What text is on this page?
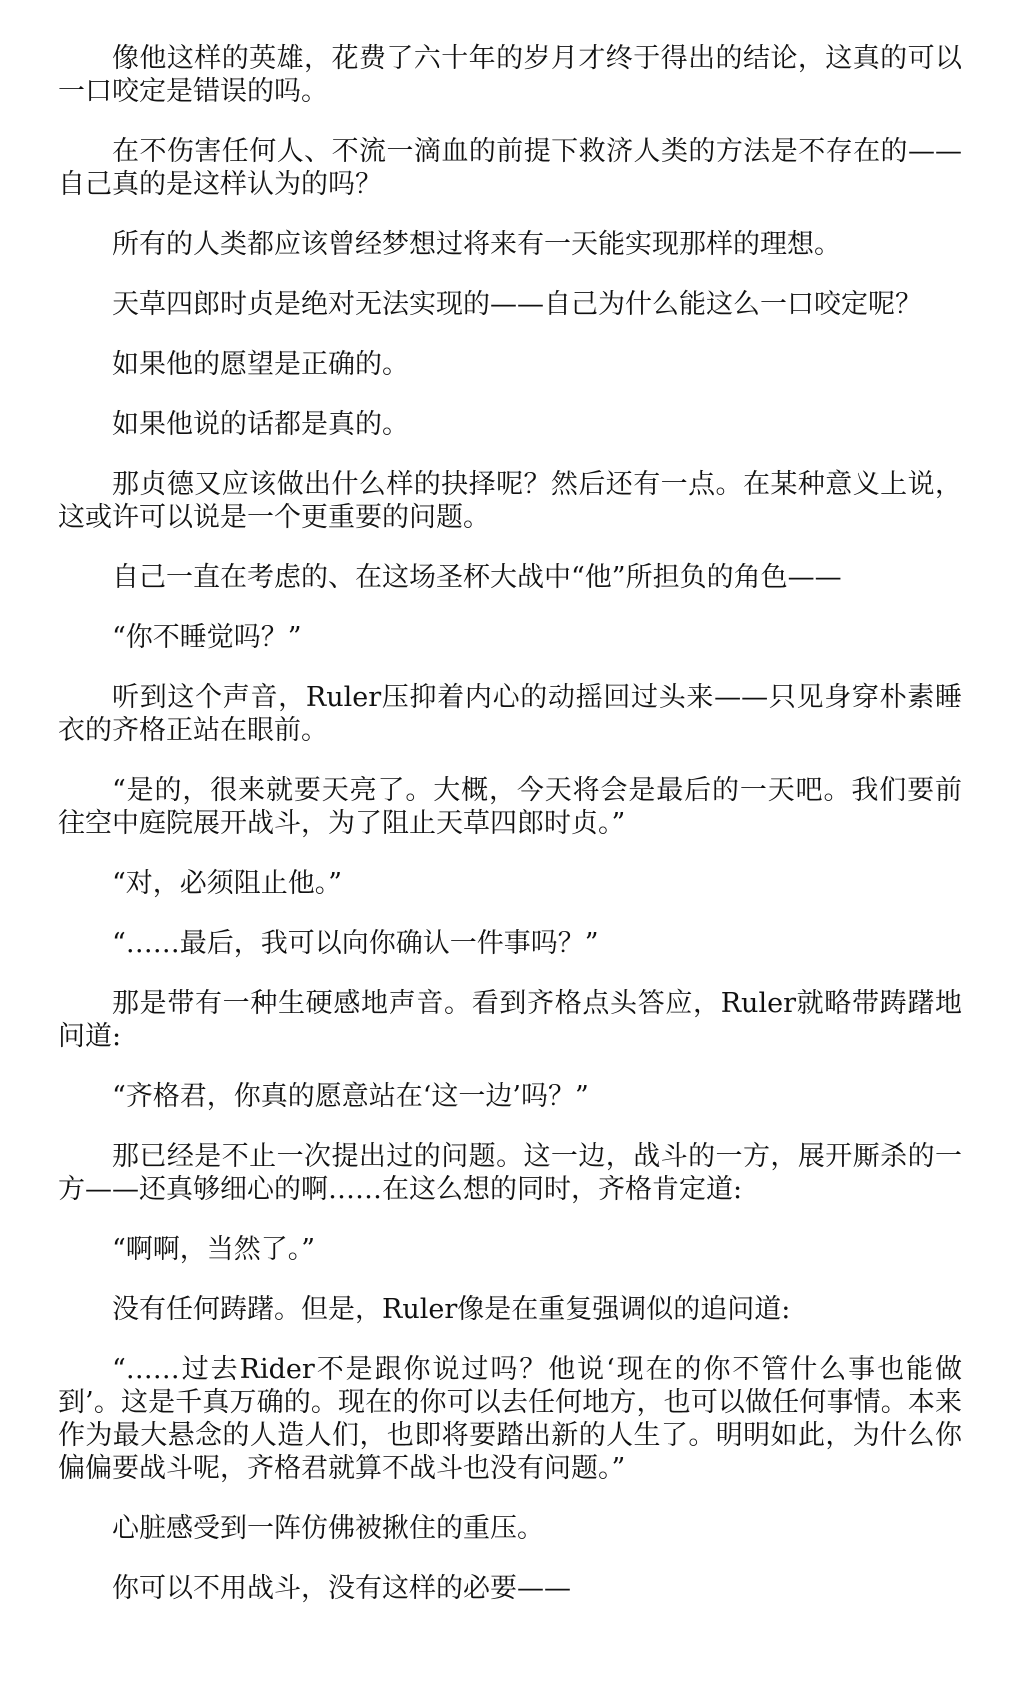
像他这样的英雄，花费了六十年的岁月才终于得出的结论，这真的可以一口咬定是错误的吗。

在不伤害任何人、不流一滴血的前提下救济人类的方法是不存在的——自己真的是这样认为的吗？

所有的人类都应该曾经梦想过将来有一天能实现那样的理想。

天草四郎时贞是绝对无法实现的——自己为什么能这么一口咬定呢？

如果他的愿望是正确的。

如果他说的话都是真的。

那贞德又应该做出什么样的抉择呢？然后还有一点。在某种意义上说，这或许可以说是一个更重要的问题。

自己一直在考虑的、在这场圣杯大战中“他”所担负的角色——

“你不睡觉吗？”

听到这个声音，Ruler压抑着内心的动摇回过头来——只见身穿朴素睡衣的齐格正站在眼前。

“是的，很来就要天亮了。大概，今天将会是最后的一天吧。我们要前往空中庭院展开战斗，为了阻止天草四郎时贞。”

“对，必须阻止他。”

“……最后，我可以向你确认一件事吗？”

那是带有一种生硬感地声音。看到齐格点头答应，Ruler就略带踌躇地问道:

“齐格君，你真的愿意站在‘这一边’吗？”

那已经是不止一次提出过的问题。这一边，战斗的一方，展开厮杀的一方——还真够细心的啊……在这么想的同时，齐格肯定道:

“啊啊，当然了。”

没有任何踌躇。但是，Ruler像是在重复强调似的追问道:

“……过去Rider不是跟你说过吗？他说‘现在的你不管什么事也能做到’。这是千真万确的。现在的你可以去任何地方，也可以做任何事情。本来作为最大悬念的人造人们，也即将要踏出新的人生了。明明如此，为什么你偏偏要战斗呢，齐格君就算不战斗也没有问题。”

心脏感受到一阵仿佛被揪住的重压。

你可以不用战斗，没有这样的必要——
